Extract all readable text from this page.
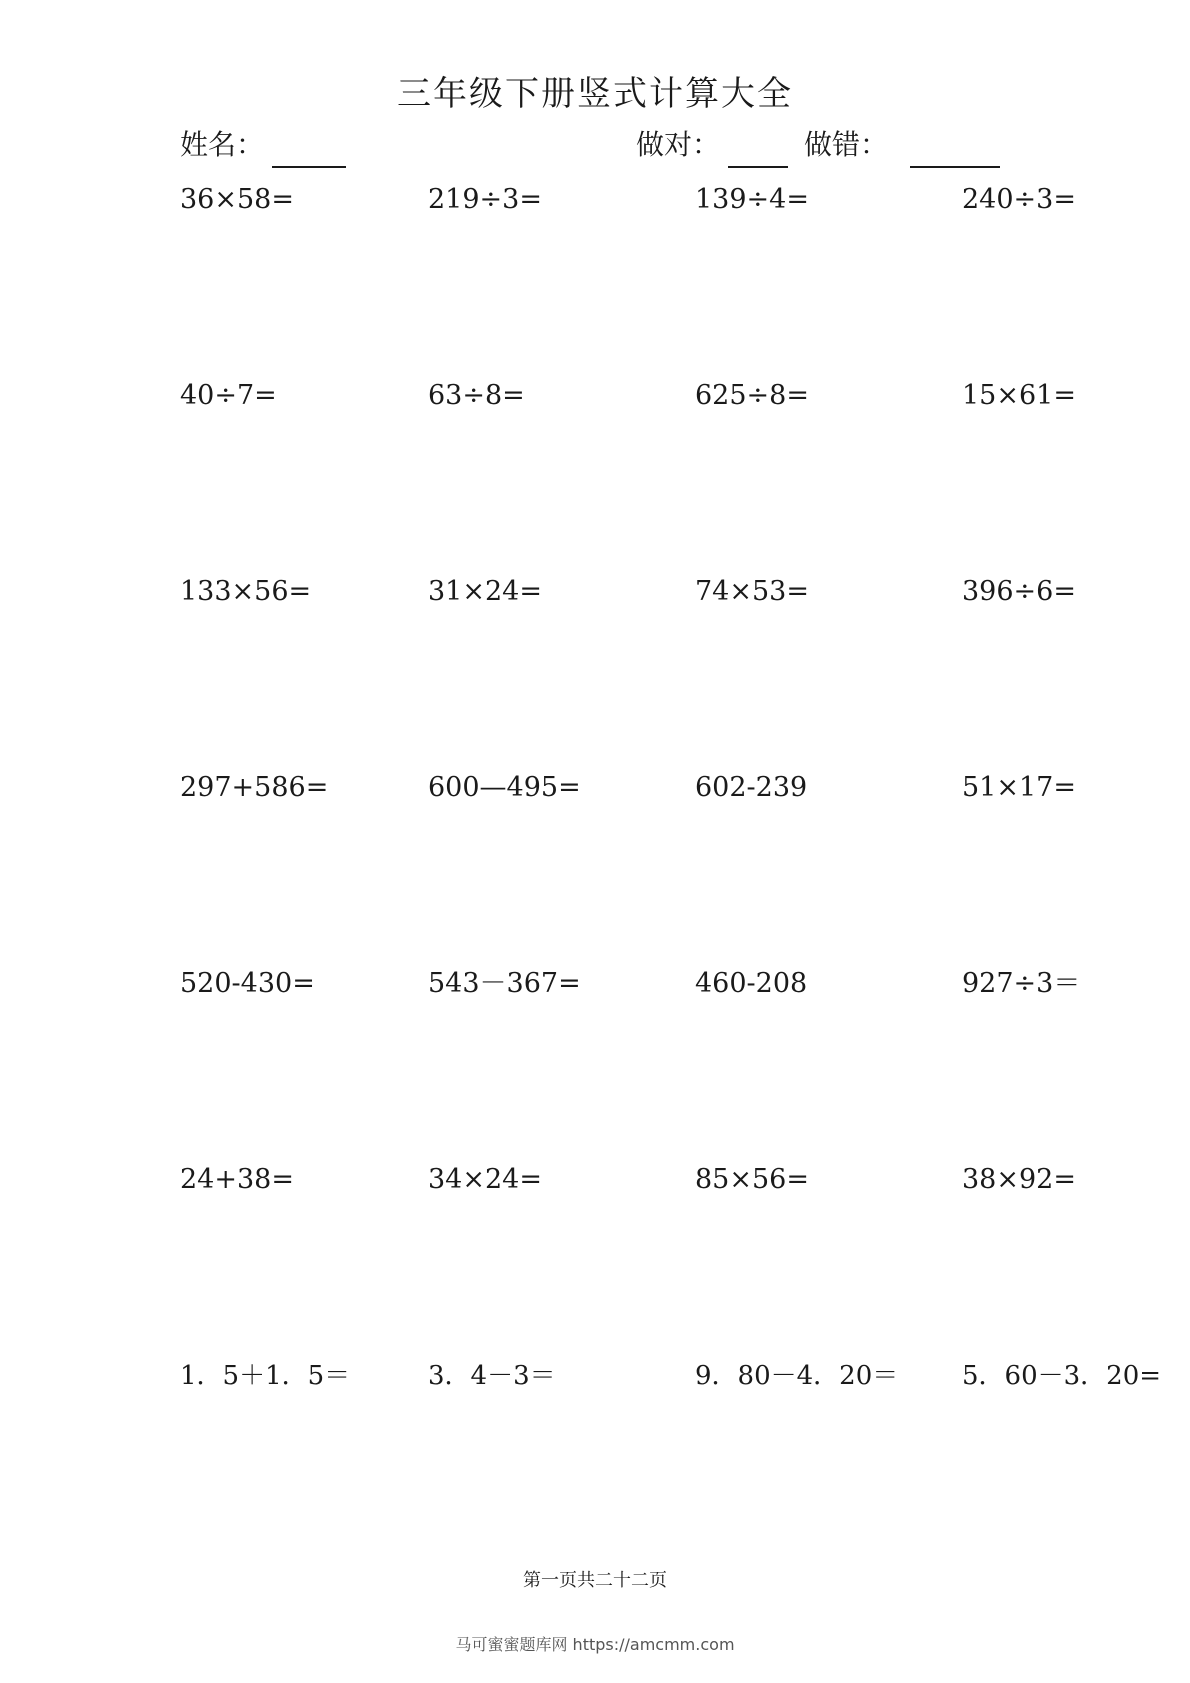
三年级下册竖式计算大全
姓名：	做对：	做错：
36×58=	219÷3=	139÷4=	240÷3=
40÷7=	63÷8=	625÷8=	15×61=
133×56=	31×24=	74×53=	396÷6=
297+586=	600—495=	602-239	51×17=
520-430=	543－367=	460-208	927÷3＝
24+38=	34×24=	85×56=	38×92=
1．5＋1．5＝	3．4－3＝	9．80－4．20＝ 5．60－3．20=
第一页共二十二页
马可蜜蜜题库网 https://amcmm.com
